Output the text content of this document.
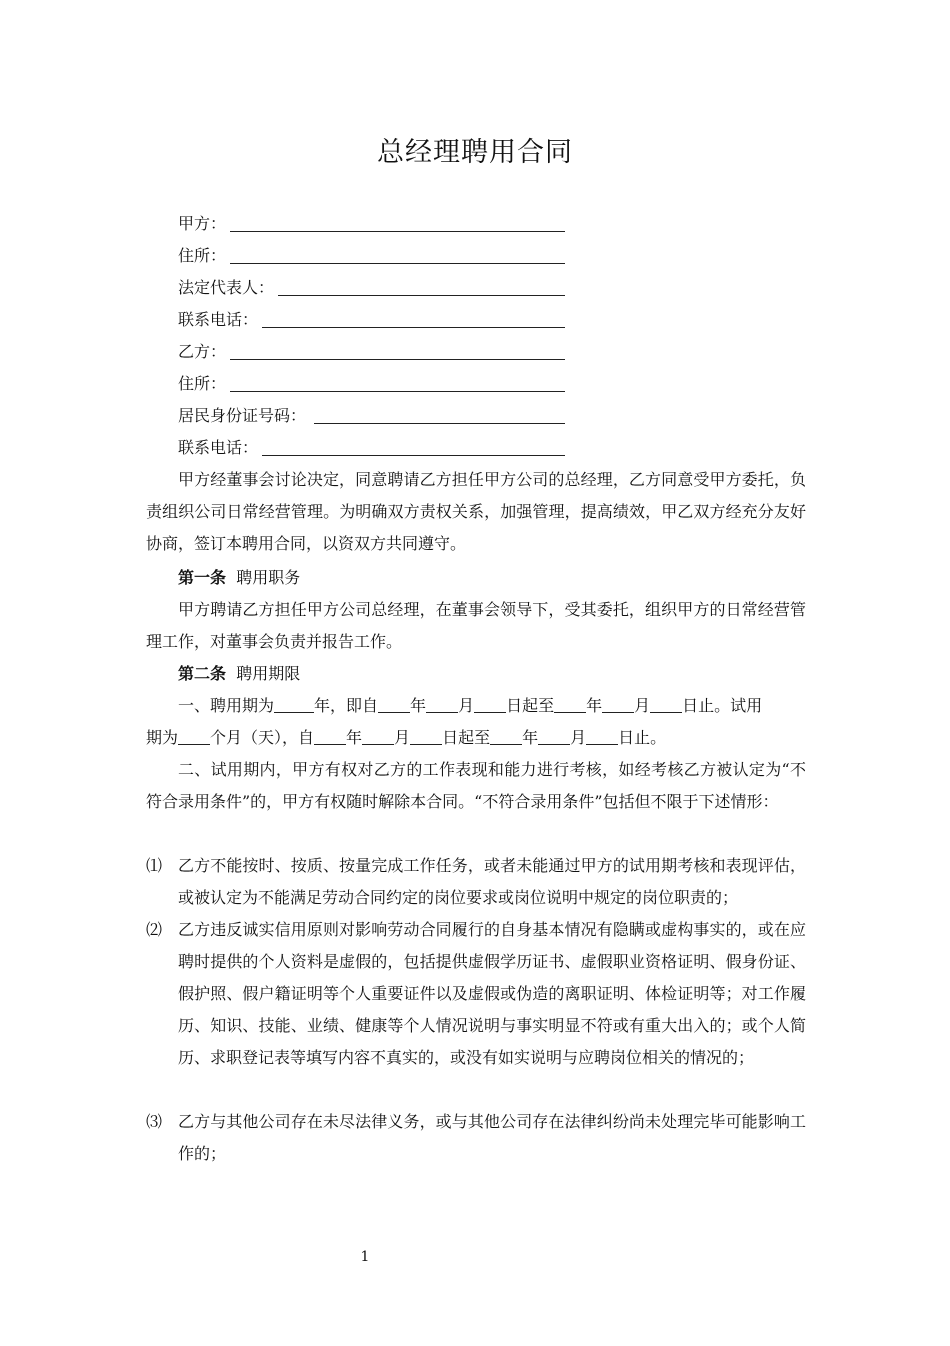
总经理聘用合同
甲方：
住所：
法定代表人：
联系电话：
乙方：
住所：
居民身份证号码：
联系电话：
甲方经董事会讨论决定，同意聘请乙方担任甲方公司的总经理，乙方同意受甲方委托，负责组织公司日常经营管理。为明确双方责权关系，加强管理，提高绩效，甲乙双方经充分友好协商，签订本聘用合同，以资双方共同遵守。
第一条 聘用职务
甲方聘请乙方担任甲方公司总经理，在董事会领导下，受其委托，组织甲方的日常经营管理工作，对董事会负责并报告工作。
第二条 聘用期限
一、聘用期为	年，即自 年 月 日起至 年 月 日止。试用
期为 个月（天），自 年 月 日起至 年 月 日止。
二、试用期内，甲方有权对乙方的工作表现和能力进行考核，如经考核乙方被认定为“不符合录用条件”的，甲方有权随时解除本合同。“不符合录用条件”包括但不限于下述情形：
⑴ 乙方不能按时、按质、按量完成工作任务，或者未能通过甲方的试用期考核和表现评估，或被认定为不能满足劳动合同约定的岗位要求或岗位说明中规定的岗位职责的；
⑵ 乙方违反诚实信用原则对影响劳动合同履行的自身基本情况有隐瞒或虚构事实的，或在应聘时提供的个人资料是虚假的，包括提供虚假学历证书、虚假职业资格证明、假身份证、假护照、假户籍证明等个人重要证件以及虚假或伪造的离职证明、体检证明等；对工作履历、知识、技能、业绩、健康等个人情况说明与事实明显不符或有重大出入的；或个人简历、求职登记表等填写内容不真实的，或没有如实说明与应聘岗位相关的情况的；
⑶ 乙方与其他公司存在未尽法律义务，或与其他公司存在法律纠纷尚未处理完毕可能影响工作的；
1
